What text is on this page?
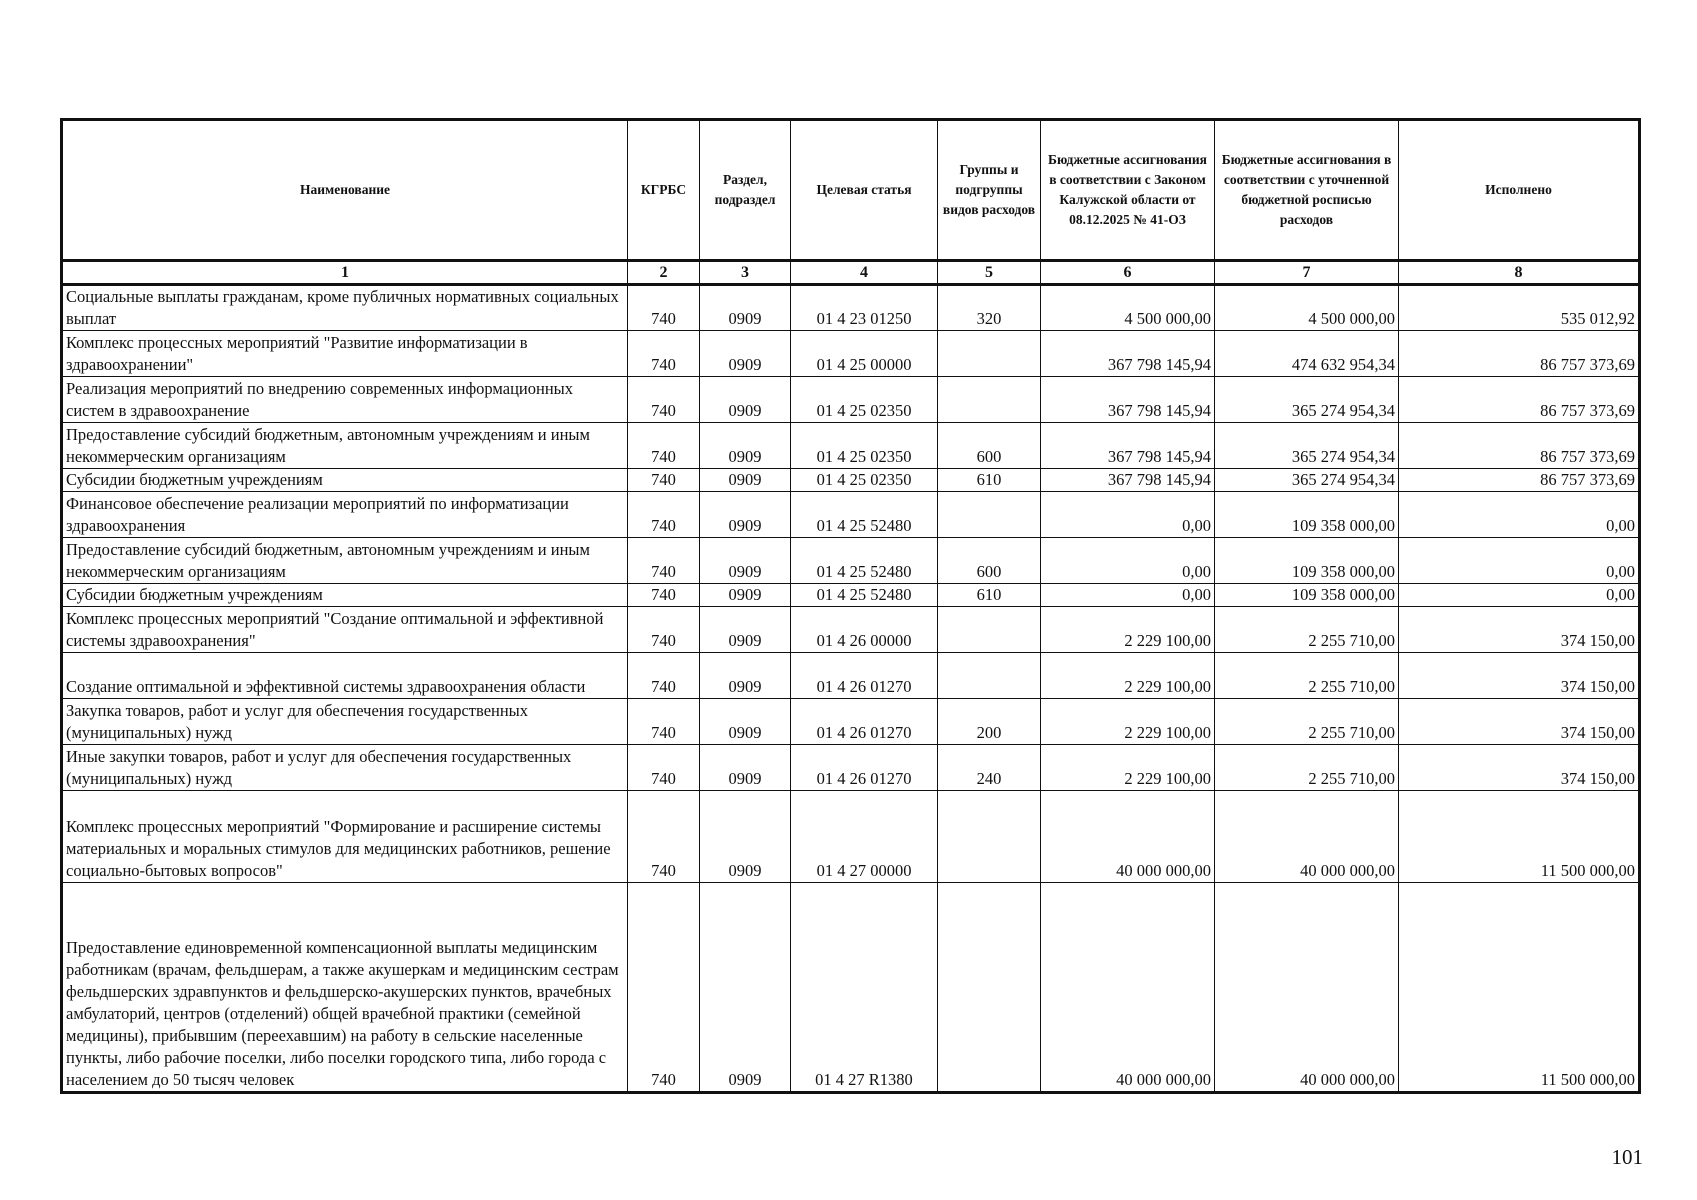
Наименование	КГРБС	Раздел, подраздел	Целевая статья	Группы и подгруппы видов расходов	Бюджетные ассигнования в соответствии с Законом Калужской области от 08.12.2025 № 41-ОЗ	Бюджетные ассигнования в соответствии с уточненной бюджетной росписью расходов	Исполнено
1	2	3	4	5	6	7	8
Социальные выплаты гражданам, кроме публичных нормативных социальных выплат	740	0909	01 4 23 01250	320	4 500 000,00	4 500 000,00	535 012,92
Комплекс процессных мероприятий "Развитие информатизации в здравоохранении"	740	0909	01 4 25 00000		367 798 145,94	474 632 954,34	86 757 373,69
Реализация мероприятий по внедрению современных информационных систем в здравоохранение	740	0909	01 4 25 02350		367 798 145,94	365 274 954,34	86 757 373,69
Предоставление субсидий бюджетным, автономным учреждениям и иным некоммерческим организациям	740	0909	01 4 25 02350	600	367 798 145,94	365 274 954,34	86 757 373,69
Субсидии бюджетным учреждениям	740	0909	01 4 25 02350	610	367 798 145,94	365 274 954,34	86 757 373,69
Финансовое обеспечение реализации мероприятий по информатизации здравоохранения	740	0909	01 4 25 52480		0,00	109 358 000,00	0,00
Предоставление субсидий бюджетным, автономным учреждениям и иным некоммерческим организациям	740	0909	01 4 25 52480	600	0,00	109 358 000,00	0,00
Субсидии бюджетным учреждениям	740	0909	01 4 25 52480	610	0,00	109 358 000,00	0,00
Комплекс процессных мероприятий "Создание оптимальной и эффективной системы здравоохранения"	740	0909	01 4 26 00000		2 229 100,00	2 255 710,00	374 150,00
Создание оптимальной и эффективной системы здравоохранения области	740	0909	01 4 26 01270		2 229 100,00	2 255 710,00	374 150,00
Закупка товаров, работ и услуг для обеспечения государственных (муниципальных) нужд	740	0909	01 4 26 01270	200	2 229 100,00	2 255 710,00	374 150,00
Иные закупки товаров, работ и услуг для обеспечения государственных (муниципальных) нужд	740	0909	01 4 26 01270	240	2 229 100,00	2 255 710,00	374 150,00
Комплекс процессных мероприятий "Формирование и расширение системы материальных и моральных стимулов для медицинских работников, решение социально-бытовых вопросов"	740	0909	01 4 27 00000		40 000 000,00	40 000 000,00	11 500 000,00
Предоставление единовременной компенсационной выплаты медицинским работникам (врачам, фельдшерам, а также акушеркам и медицинским сестрам фельдшерских здравпунктов и фельдшерско-акушерских пунктов, врачебных амбулаторий, центров (отделений) общей врачебной практики (семейной медицины), прибывшим (переехавшим) на работу в сельские населенные пункты, либо рабочие поселки, либо поселки городского типа, либо города с населением до 50 тысяч человек	740	0909	01 4 27 R1380		40 000 000,00	40 000 000,00	11 500 000,00
101
